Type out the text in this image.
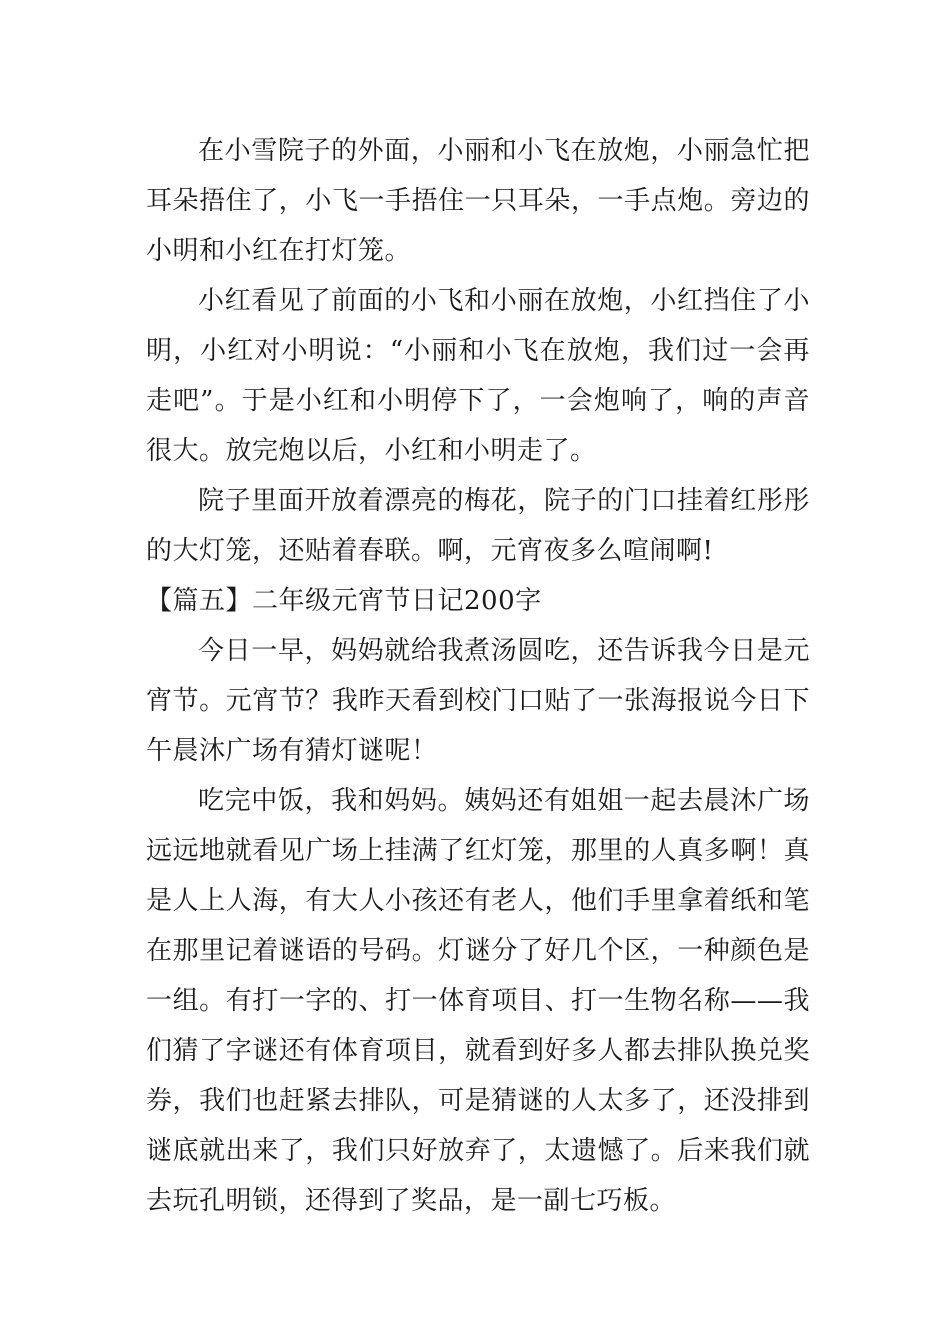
在小雪院子的外面，小丽和小飞在放炮，小丽急忙把耳朵捂住了，小飞一手捂住一只耳朵，一手点炮。旁边的小明和小红在打灯笼。

小红看见了前面的小飞和小丽在放炮，小红挡住了小明，小红对小明说：“小丽和小飞在放炮，我们过一会再走吧”。于是小红和小明停下了，一会炮响了，响的声音很大。放完炮以后，小红和小明走了。

院子里面开放着漂亮的梅花，院子的门口挂着红彤彤的大灯笼，还贴着春联。啊，元宵夜多么喧闹啊!

【篇五】二年级元宵节日记200字

今日一早，妈妈就给我煮汤圆吃，还告诉我今日是元宵节。元宵节？我昨天看到校门口贴了一张海报说今日下午晨沐广场有猜灯谜呢！

吃完中饭，我和妈妈。姨妈还有姐姐一起去晨沐广场远远地就看见广场上挂满了红灯笼，那里的人真多啊！真是人上人海，有大人小孩还有老人，他们手里拿着纸和笔在那里记着谜语的号码。灯谜分了好几个区，一种颜色是一组。有打一字的、打一体育项目、打一生物名称——我们猜了字谜还有体育项目，就看到好多人都去排队换兑奖券，我们也赶紧去排队，可是猜谜的人太多了，还没排到谜底就出来了，我们只好放弃了，太遗憾了。后来我们就去玩孔明锁，还得到了奖品，是一副七巧板。
